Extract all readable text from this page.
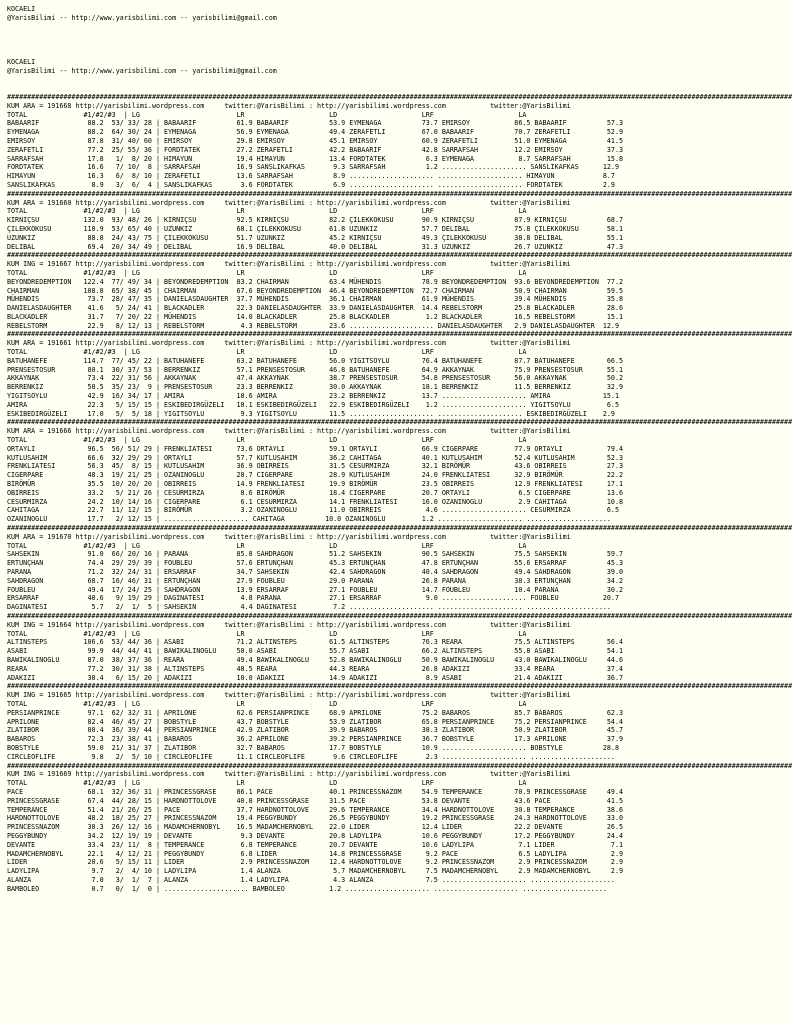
KOCAELI
@YarisBilimi -- http://www.yarisbilimi.com -- yarisbilimi@gmail.com
KOCAELI
@YarisBilimi -- http://www.yarisbilimi.com -- yarisbilimi@gmail.com
###################################################################################################################################################################################################
KUM ARA = 191668 http://yarisbilimi.wordpress.com     twitter:@YarisBilimi : http://yarisbilimi.wordpress.com           twitter:@YarisBilimi
TOTAL              #1/#2/#3  | LG                        LR                     LD                     LRF                     LA
BABAARIF            88.2  53/ 33/ 28 | BABAARIF          61.9 BABAARIF          53.9 EYMENAGA          73.7 EMIRSOY           86.5 BABAARIF          57.3
EYMENAGA            88.2  64/ 30/ 24 | EYMENAGA          56.9 EYMENAGA          49.4 ZERAFETLI         67.0 BABAARIF          70.7 ZERAFETLI         52.9
EMIRSOY             87.8  31/ 40/ 60 | EMIRSOY           29.8 EMIRSOY           45.1 EMIRSOY           60.9 ZERAFETLI         51.0 EYMENAGA          41.5
ZERAFETLI           77.2  25/ 55/ 36 | FORDTATEK         27.2 ZERAFETLI         42.2 BABAARIF          42.8 SARRAFSAH         12.2 EMIRSOY           37.3
SARRAFSAH           17.8   1/  8/ 20 | HIMAYUN           19.4 HIMAYUN           13.4 FORDTATEK          6.3 EYMENAGA           8.7 SARRAFSAH         15.8
FORDTATEK           16.6   7/ 10/  8 | SARRAFSAH         16.9 SANSLIKAFKAS       9.3 SARRAFSAH          1.2 ..................... SANSLIKAFKAS      12.9
HIMAYUN             16.3   6/  8/ 10 | ZERAFETLI         13.6 SARRAFSAH          8.9 ..................... ..................... HIMAYUN            8.7
SANSLIKAFKAS         8.9   3/  6/  4 | SANSLIKAFKAS       3.6 FORDTATEK          6.9 ..................... ..................... FORDTATEK          2.9
###################################################################################################################################################################################################
KUM ARA = 191660 http://yarisbilimi.wordpress.com     twitter:@YarisBilimi : http://yarisbilimi.wordpress.com           twitter:@YarisBilimi
TOTAL              #1/#2/#3  | LG                        LR                     LD                     LRF                     LA
KIRNIÇSU           132.0  93/ 48/ 26 | KIRNIÇSU          92.5 KIRNIÇSU          82.2 ÇILEKKOKUSU       90.9 KIRNIÇSU          87.9 KIRNIÇSU          68.7
ÇILEKKOKUSU        110.9  53/ 65/ 40 | UZUNKIZ           68.1 ÇILEKKOKUSU       61.8 UZUNKIZ           57.7 DELIBAL           75.8 ÇILEKKOKUSU       58.1
UZUNKIZ             88.8  24/ 43/ 75 | ÇILEKKOKUSU       51.7 UZUNKIZ           45.2 KIRNIÇSU          49.3 ÇILEKKOKUSU       38.8 DELIBAL           55.1
DELIBAL             69.4  20/ 34/ 49 | DELIBAL           16.9 DELIBAL           40.0 DELIBAL           31.3 UZUNKIZ           26.7 UZUNKIZ           47.3
###################################################################################################################################################################################################
KUM ING = 191667 http://yarisbilimi.wordpress.com     twitter:@YarisBilimi : http://yarisbilimi.wordpress.com           twitter:@YarisBilimi
TOTAL              #1/#2/#3  | LG                        LR                     LD                     LRF                     LA
BEYONDREDEMPTION   122.4  77/ 49/ 34 | BEYONDREDEMPTION  83.2 CHAIRMAN          63.4 MÜHENDIS          78.9 BEYONDREDEMPTION  93.6 BEYONDREDEMPTION  77.2
CHAIRMAN           108.8  65/ 38/ 45 | CHAIRMAN          67.6 BEYONDREDEMPTION  46.4 BEYONDREDEMPTION  72.7 CHAIRMAN          50.9 CHAIRMAN          59.5
MÜHENDIS            73.7  28/ 47/ 35 | DANIELASDAUGHTER  37.7 MÜHENDIS          36.1 CHAIRMAN          61.9 MÜHENDIS          39.4 MÜHENDIS          35.8
DANIELASDAUGHTER    41.6   5/ 24/ 41 | BLACKADLER        22.3 DANIELASDAUGHTER  33.9 DANIELASDAUGHTER  14.4 REBELSTORM        25.8 BLACKADLER        28.6
BLACKADLER          31.7   7/ 20/ 22 | MÜHENDIS          14.0 BLACKADLER        25.8 BLACKADLER         1.2 BLACKADLER        16.5 REBELSTORM        15.1
REBELSTORM          22.9   8/ 12/ 13 | REBELSTORM         4.3 REBELSTORM        23.6 ..................... DANIELASDAUGHTER   2.9 DANIELASDAUGHTER  12.9
###################################################################################################################################################################################################
KUM ARA = 191661 http://yarisbilimi.wordpress.com     twitter:@YarisBilimi : http://yarisbilimi.wordpress.com           twitter:@YarisBilimi
TOTAL              #1/#2/#3  | LG                        LR                     LD                     LRF                     LA
BATUHANEFE         114.7  77/ 45/ 22 | BATUHANEFE        63.2 BATUHANEFE        56.0 YIGITSOYLU        76.4 BATUHANEFE        87.7 BATUHANEFE        66.5
PRENSESTOSUR        80.1  30/ 37/ 53 | BERRENKIZ         57.1 PRENSESTOSUR      46.8 BATUHANEFE        64.9 AKKAYNAK          75.9 PRENSESTOSUR      55.1
AKKAYNAK            73.4  22/ 31/ 56 | AKKAYNAK          47.4 AKKAYNAK          38.7 PRENSESTOSUR      54.8 PRENSESTOSUR      56.0 AKKAYNAK          50.2
BERRENKIZ           50.5  35/ 23/  9 | PRENSESTOSUR      23.3 BERRENKIZ         30.0 AKKAYNAK          18.1 BERRENKIZ         11.5 BERRENKIZ         32.9
YIGITSOYLU          42.9  16/ 34/ 17 | AMIRA             18.6 AMIRA             23.2 BERRENKIZ         13.7 ..................... AMIRA             15.1
AMIRA               22.3   5/ 15/ 15 | ESKIBEDIRGÜZELI   10.1 ESKIBEDIRGÜZELI   22.9 ESKIBEDIRGÜZELI    1.2 ..................... YIGITSOYLU         6.5
ESKIBEDIRGÜZELI     17.0   5/  5/ 18 | YIGITSOYLU         9.3 YIGITSOYLU        11.5 ..................... ..................... ESKIBEDIRGÜZELI    2.9
###################################################################################################################################################################################################
KUM ARA = 191666 http://yarisbilimi.wordpress.com     twitter:@YarisBilimi : http://yarisbilimi.wordpress.com           twitter:@YarisBilimi
TOTAL              #1/#2/#3  | LG                        LR                     LD                     LRF                     LA
ORTAYLI             96.5  56/ 51/ 29 | FRENKLIATESI      73.6 ORTAYLI           59.1 ORTAYLI           66.9 CIGERPARE         77.9 ORTAYLI           79.4
KUTLUSAHIM          66.6  32/ 29/ 29 | ORTAYLI           57.7 KUTLUSAHIM        36.2 CAHITAGA          40.1 KUTLUSAHIM        52.4 KUTLUSAHIM        52.3
FRENKLIATESI        56.3  45/  8/ 15 | KUTLUSAHIM        36.9 OBIRREIS          31.5 CESURMIRZA        32.1 BIRÖMÜR           43.6 OBIRREIS          27.3
CIGERPARE           48.3  19/ 21/ 25 | OZANINOGLU        28.7 CIGERPARE         28.9 KUTLUSAHIM        24.0 FRENKLIATESI      32.9 BIRÖMÜR           22.2
BIRÖMÜR             35.5  10/ 20/ 20 | OBIRREIS          14.9 FRENKLIATESI      19.9 BIRÖMÜR           23.5 OBIRREIS          12.9 FRENKLIATESI      17.1
OBIRREIS            33.2   5/ 21/ 26 | CESURMIRZA         8.6 BIRÖMÜR           18.4 CIGERPARE         20.7 ORTAYLI            6.5 CIGERPARE         13.6
CESURMIRZA          24.2  10/ 14/ 16 | CIGERPARE          6.1 CESURMIRZA        14.1 FRENKLIATESI      16.0 OZANINOGLU         2.9 CAHITAGA          10.8
CAHITAGA            22.7  11/ 12/ 15 | BIRÖMÜR            3.2 OZANINOGLU        11.0 OBIRREIS           4.6 ..................... CESURMIRZA         6.5
OZANINOGLU          17.7   2/ 12/ 15 | ..................... CAHITAGA          10.0 OZANINOGLU         1.2 ..................... .....................
###################################################################################################################################################################################################
KUM ARA = 191670 http://yarisbilimi.wordpress.com     twitter:@YarisBilimi : http://yarisbilimi.wordpress.com           twitter:@YarisBilimi
TOTAL              #1/#2/#3  | LG                        LR                     LD                     LRF                     LA
SAHSEKIN            91.0  66/ 20/ 16 | PARANA            85.8 SAHDRAGON         51.2 SAHSEKIN          90.5 SAHSEKIN          75.5 SAHSEKIN          59.7
ERTUNÇHAN           74.4  29/ 29/ 39 | FOUBLEU           57.6 ERTUNÇHAN         45.3 ERTUNÇHAN         47.8 ERTUNÇHAN         55.6 ERSARRAF          45.3
PARANA              71.2  32/ 24/ 31 | ERSARRAF          34.7 SAHSEKIN          42.4 SAHDRAGON         40.4 SAHDRAGON         49.4 SAHDRAGON         39.0
SAHDRAGON           68.7  16/ 46/ 31 | ERTUNÇHAN         27.9 FOUBLEU           29.0 PARANA            26.8 PARANA            38.3 ERTUNÇHAN         34.2
FOUBLEU             49.4  17/ 24/ 25 | SAHDRAGON         13.9 ERSARRAF          27.1 FOUBLEU           14.7 FOUBLEU           10.4 PARANA            30.2
ERSARRAF            40.6   9/ 19/ 29 | DAGINATESI         4.8 PARANA            27.1 ERSARRAF           9.0 ..................... FOUBLEU           20.7
DAGINATESI           5.7   2/  1/  5 | SAHSEKIN           4.4 DAGINATESI         7.2 ..................... ..................... .....................
###################################################################################################################################################################################################
KUM ING = 191664 http://yarisbilimi.wordpress.com     twitter:@YarisBilimi : http://yarisbilimi.wordpress.com           twitter:@YarisBilimi
TOTAL              #1/#2/#3  | LG                        LR                     LD                     LRF                     LA
ALTINSTEPS         106.6  53/ 44/ 36 | ASABI             71.2 ALTINSTEPS        61.5 ALTINSTEPS        76.3 REARA             75.5 ALTINSTEPS        56.4
ASABI               99.9  44/ 44/ 41 | BAWIKALINOGLU     50.0 ASABI             55.7 ASABI             66.2 ALTINSTEPS        55.8 ASABI             54.1
BAWIKALINOGLU       87.0  38/ 37/ 36 | REARA             49.4 BAWIKALINOGLU     52.8 BAWIKALINOGLU     50.9 BAWIKALINOGLU     43.0 BAWIKALINOGLU     44.6
REARA               77.2  30/ 31/ 38 | ALTINSTEPS        48.5 REARA             44.3 REARA             26.8 ADAKIZI           33.4 REARA             37.4
ADAKIZI             30.4   6/ 15/ 20 | ADAKIZI           10.0 ADAKIZI           14.9 ADAKIZI            8.9 ASABI             21.4 ADAKIZI           36.7
###################################################################################################################################################################################################
KUM ING = 191665 http://yarisbilimi.wordpress.com     twitter:@YarisBilimi : http://yarisbilimi.wordpress.com           twitter:@YarisBilimi
TOTAL              #1/#2/#3  | LG                        LR                     LD                     LRF                     LA
PERSIANPRINCE       97.1  62/ 32/ 31 | APRILONE          62.6 PERSIANPRINCE     68.9 APRILONE          75.2 BABAROS           85.7 BABAROS           62.3
APRILONE            82.4  46/ 45/ 27 | BOBSTYLE          43.7 BOBSTYLE          53.9 ZLATIBOR          65.8 PERSIANPRINCE     75.2 PERSIANPRINCE     54.4
ZLATIBOR            80.4  36/ 39/ 44 | PERSIANPRINCE     42.9 ZLATIBOR          39.9 BABAROS           38.3 ZLATIBOR          50.9 ZLATIBOR          45.7
BABAROS             72.3  23/ 38/ 41 | BABAROS           36.2 APRILONE          39.2 PERSIANPRINCE     36.7 BOBSTYLE          17.3 APRILONE          37.9
BOBSTYLE            59.0  21/ 31/ 37 | ZLATIBOR          32.7 BABAROS           17.7 BOBSTYLE          10.9 ..................... BOBSTYLE          28.8
CIRCLEOFLIFE         9.8   2/  5/ 10 | CIRCLEOFLIFE      11.1 CIRCLEOFLIFE       9.6 CIRCLEOFLIFE       2.3 ..................... .....................
###################################################################################################################################################################################################
KUM ING = 191669 http://yarisbilimi.wordpress.com     twitter:@YarisBilimi : http://yarisbilimi.wordpress.com           twitter:@YarisBilimi
TOTAL              #1/#2/#3  | LG                        LR                     LD                     LRF                     LA
PACE                68.1  32/ 36/ 31 | PRINCESSGRASE     86.1 PACE              40.1 PRINCESSNAZOM     54.9 TEMPERANCE        70.9 PRINCESSGRASE     49.4
PRINCESSGRASE       67.4  44/ 28/ 15 | HARDNOTTOLOVE     40.8 PRINCESSGRASE     31.5 PACE              53.8 DEVANTE           43.6 PACE              41.5
TEMPERANCE          51.4  21/ 26/ 25 | PACE              37.7 HARDNOTTOLOVE     29.6 TEMPERANCE        34.4 HARDNOTTOLOVE     30.8 TEMPERANCE        38.6
HARDNOTTOLOVE       48.2  18/ 25/ 27 | PRINCESSNAZOM     19.4 PEGGYBUNDY        26.5 PEGGYBUNDY        19.2 PRINCESSGRASE     24.3 HARDNOTTOLOVE     33.0
PRINCESSNAZOM       38.3  26/ 12/ 16 | MADAMCHERNOBYL    16.5 MADAMCHERNOBYL    22.0 LIDER             12.4 LIDER             22.2 DEVANTE           26.5
PEGGYBUNDY          34.2  12/ 19/ 19 | DEVANTE            9.3 DEVANTE           20.8 LADYLIPA          10.6 PEGGYBUNDY        17.2 PEGGYBUNDY        24.4
DEVANTE             33.4  23/ 11/  8 | TEMPERANCE         6.8 TEMPERANCE        20.7 DEVANTE           10.6 LADYLIPA           7.1 LIDER              7.1
MADAMCHERNOBYL      22.1   4/ 12/ 21 | PEGGYBUNDY         6.8 LIDER             14.8 PRINCESSGRASE      9.2 PACE               6.5 LADYLIPA           2.9
LIDER               20.6   5/ 15/ 11 | LIDER              2.9 PRINCESSNAZOM     12.4 HARDNOTTOLOVE      9.2 PRINCESSNAZOM      2.9 PRINCESSNAZOM      2.9
LADYLIPA             9.7   2/  4/ 10 | LADYLIPA           1.4 ALANZA             5.7 MADAMCHERNOBYL     7.5 MADAMCHERNOBYL     2.9 MADAMCHERNOBYL     2.9
ALANZA               7.0   3/  1/  7 | ALANZA             1.4 LADYLIPA           4.3 ALANZA             7.5 ..................... .....................
BAMBOLEO             0.7   0/  1/  0 | ..................... BAMBOLEO           1.2 ..................... ..................... .....................
